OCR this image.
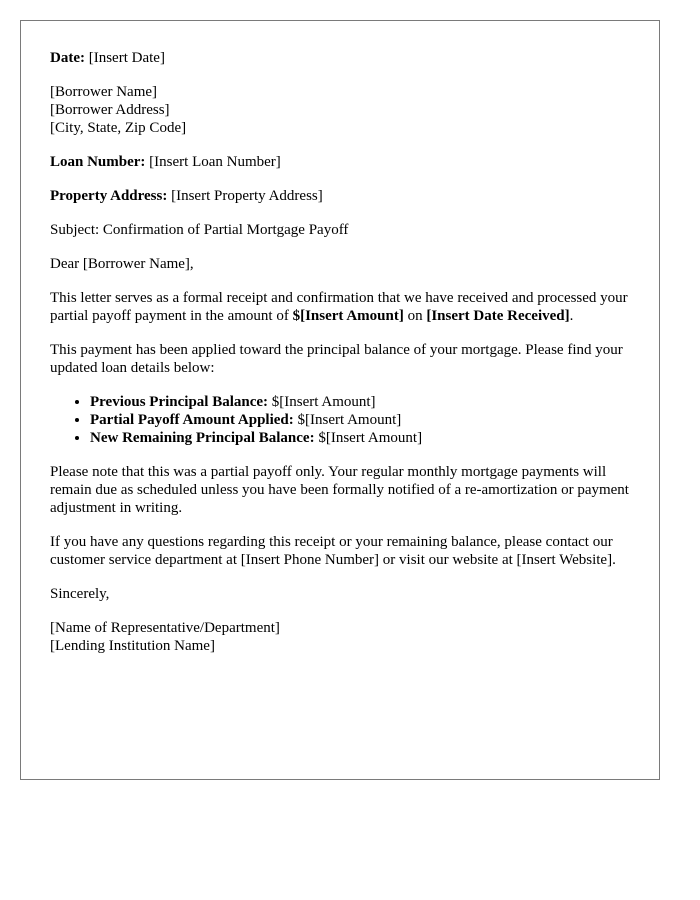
Date: [Insert Date]

[Borrower Name]
[Borrower Address]
[City, State, Zip Code]

Loan Number: [Insert Loan Number]

Property Address: [Insert Property Address]

Subject: Confirmation of Partial Mortgage Payoff

Dear [Borrower Name],

This letter serves as a formal receipt and confirmation that we have received and processed your partial payoff payment in the amount of $[Insert Amount] on [Insert Date Received].

This payment has been applied toward the principal balance of your mortgage. Please find your updated loan details below:

• Previous Principal Balance: $[Insert Amount]
• Partial Payoff Amount Applied: $[Insert Amount]
• New Remaining Principal Balance: $[Insert Amount]

Please note that this was a partial payoff only. Your regular monthly mortgage payments will remain due as scheduled unless you have been formally notified of a re-amortization or payment adjustment in writing.

If you have any questions regarding this receipt or your remaining balance, please contact our customer service department at [Insert Phone Number] or visit our website at [Insert Website].

Sincerely,

[Name of Representative/Department]
[Lending Institution Name]
